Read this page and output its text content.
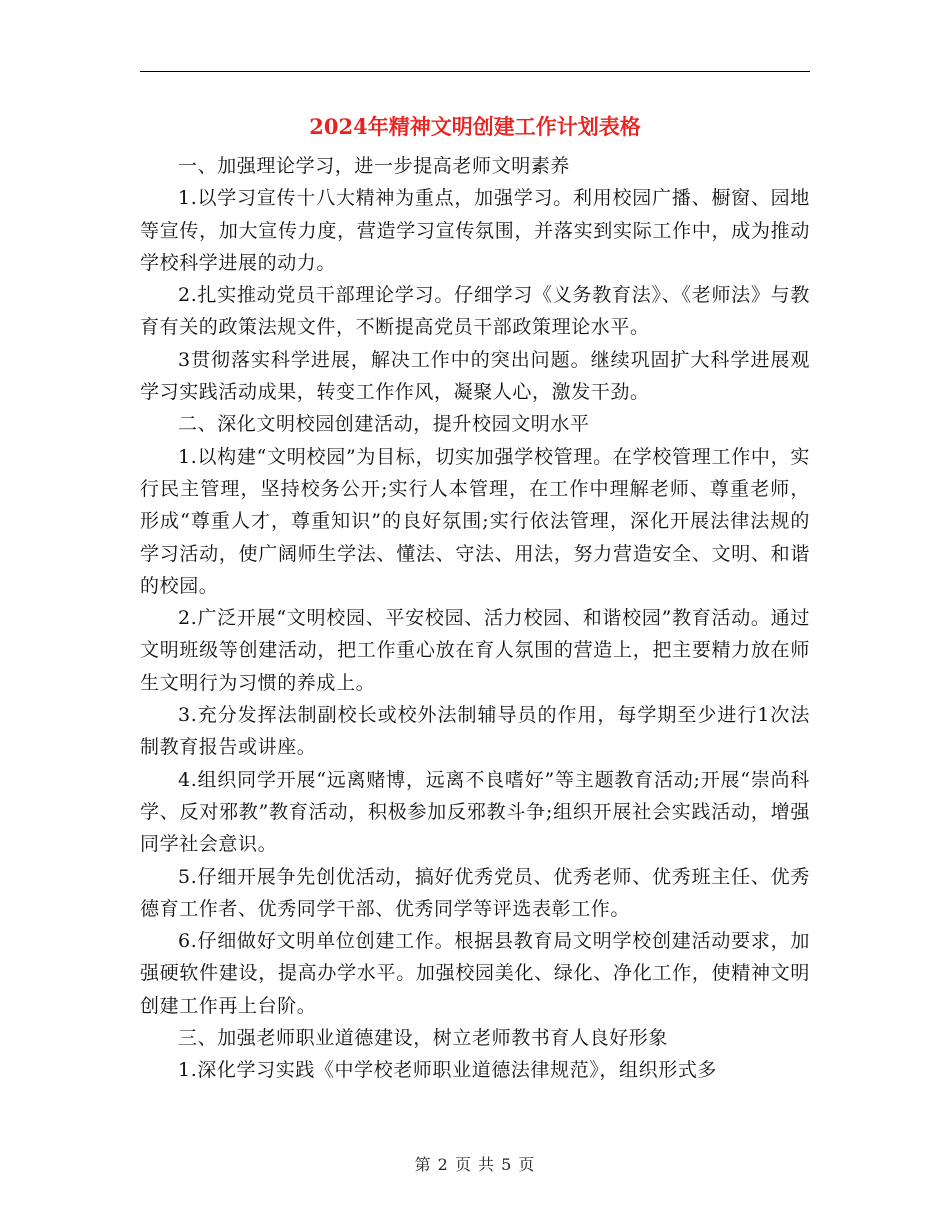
2024年精神文明创建工作计划表格

一、加强理论学习，进一步提高老师文明素养

1.以学习宣传十八大精神为重点，加强学习。利用校园广播、橱窗、园地等宣传，加大宣传力度，营造学习宣传氛围，并落实到实际工作中，成为推动学校科学进展的动力。

2.扎实推动党员干部理论学习。仔细学习《义务教育法》、《老师法》与教育有关的政策法规文件，不断提高党员干部政策理论水平。

3贯彻落实科学进展，解决工作中的突出问题。继续巩固扩大科学进展观学习实践活动成果，转变工作作风，凝聚人心，激发干劲。

二、深化文明校园创建活动，提升校园文明水平

1.以构建“文明校园”为目标，切实加强学校管理。在学校管理工作中，实行民主管理，坚持校务公开;实行人本管理，在工作中理解老师、尊重老师，形成“尊重人才，尊重知识”的良好氛围;实行依法管理，深化开展法律法规的学习活动，使广阔师生学法、懂法、守法、用法，努力营造安全、文明、和谐的校园。

2.广泛开展“文明校园、平安校园、活力校园、和谐校园”教育活动。通过文明班级等创建活动，把工作重心放在育人氛围的营造上，把主要精力放在师生文明行为习惯的养成上。

3.充分发挥法制副校长或校外法制辅导员的作用，每学期至少进行1次法制教育报告或讲座。

4.组织同学开展“远离赌博，远离不良嗜好”等主题教育活动;开展“崇尚科学、反对邪教”教育活动，积极参加反邪教斗争;组织开展社会实践活动，增强同学社会意识。

5.仔细开展争先创优活动，搞好优秀党员、优秀老师、优秀班主任、优秀德育工作者、优秀同学干部、优秀同学等评选表彰工作。

6.仔细做好文明单位创建工作。根据县教育局文明学校创建活动要求，加强硬软件建设，提高办学水平。加强校园美化、绿化、净化工作，使精神文明创建工作再上台阶。

三、加强老师职业道德建设，树立老师教书育人良好形象

1.深化学习实践《中学校老师职业道德法律规范》，组织形式多

第 2 页 共 5 页
